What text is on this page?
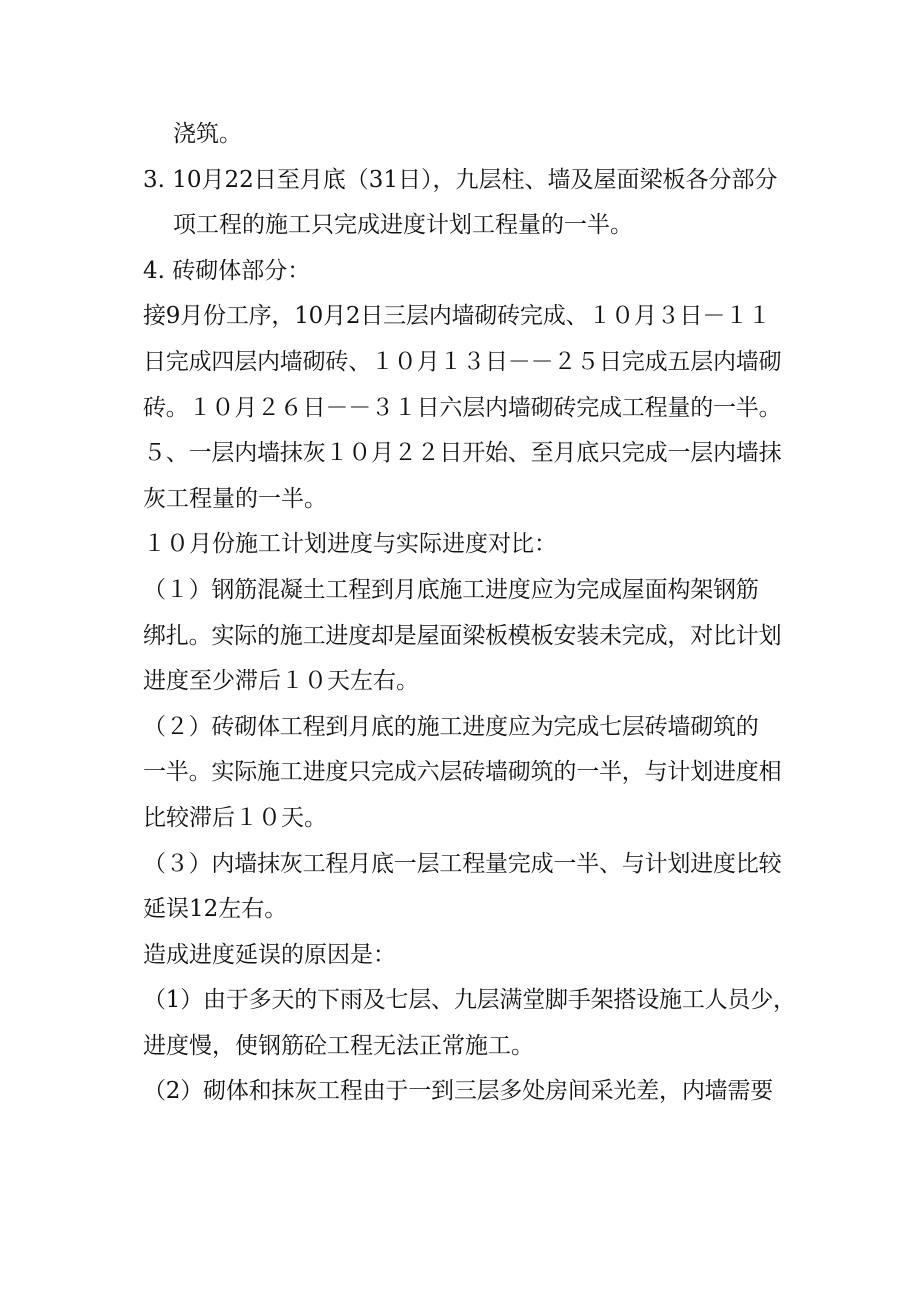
浇筑。
3. 10月22日至月底（31日），九层柱、墙及屋面梁板各分部分
项工程的施工只完成进度计划工程量的一半。
4. 砖砌体部分：
接9月份工序，10月2日三层内墙砌砖完成、１０月３日－１１
日完成四层内墙砌砖、１０月１３日－－２５日完成五层内墙砌
砖。１０月２６日－－３１日六层内墙砌砖完成工程量的一半。
５、一层内墙抹灰１０月２２日开始、至月底只完成一层内墙抹
灰工程量的一半。
１０月份施工计划进度与实际进度对比：
（１）钢筋混凝土工程到月底施工进度应为完成屋面构架钢筋
绑扎。实际的施工进度却是屋面梁板模板安装未完成，对比计划
进度至少滞后１０天左右。
（２）砖砌体工程到月底的施工进度应为完成七层砖墙砌筑的
一半。实际施工进度只完成六层砖墙砌筑的一半，与计划进度相
比较滞后１０天。
（３）内墙抹灰工程月底一层工程量完成一半、与计划进度比较
延误12左右。
造成进度延误的原因是：
（1）由于多天的下雨及七层、九层满堂脚手架搭设施工人员少，
进度慢，使钢筋砼工程无法正常施工。
（2）砌体和抹灰工程由于一到三层多处房间采光差，内墙需要
